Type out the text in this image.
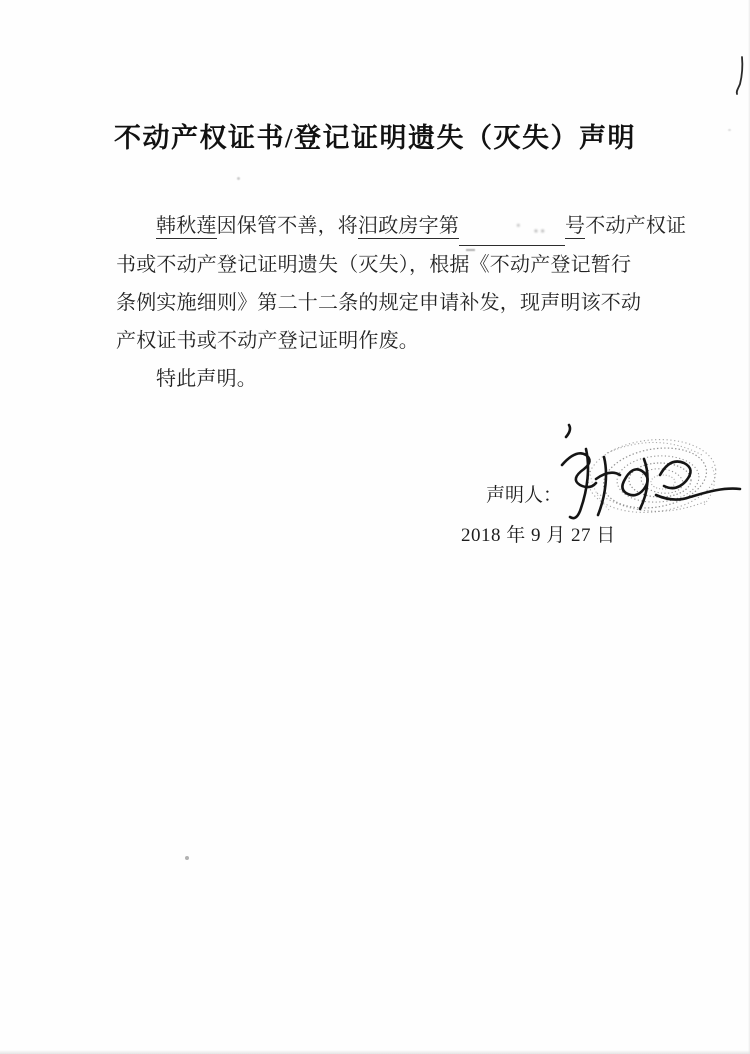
不动产权证书/登记证明遗失（灭失）声明

韩秋莲因保管不善，将汨政房字第	· ‥ 号不动产权证

书或不动产登记证明遗失（灭失），根据《不动产登记暂行

条例实施细则》第二十二条的规定申请补发，现声明该不动

产权证书或不动产登记证明作废。

特此声明。

声明人：
2018 年 9 月 27 日
